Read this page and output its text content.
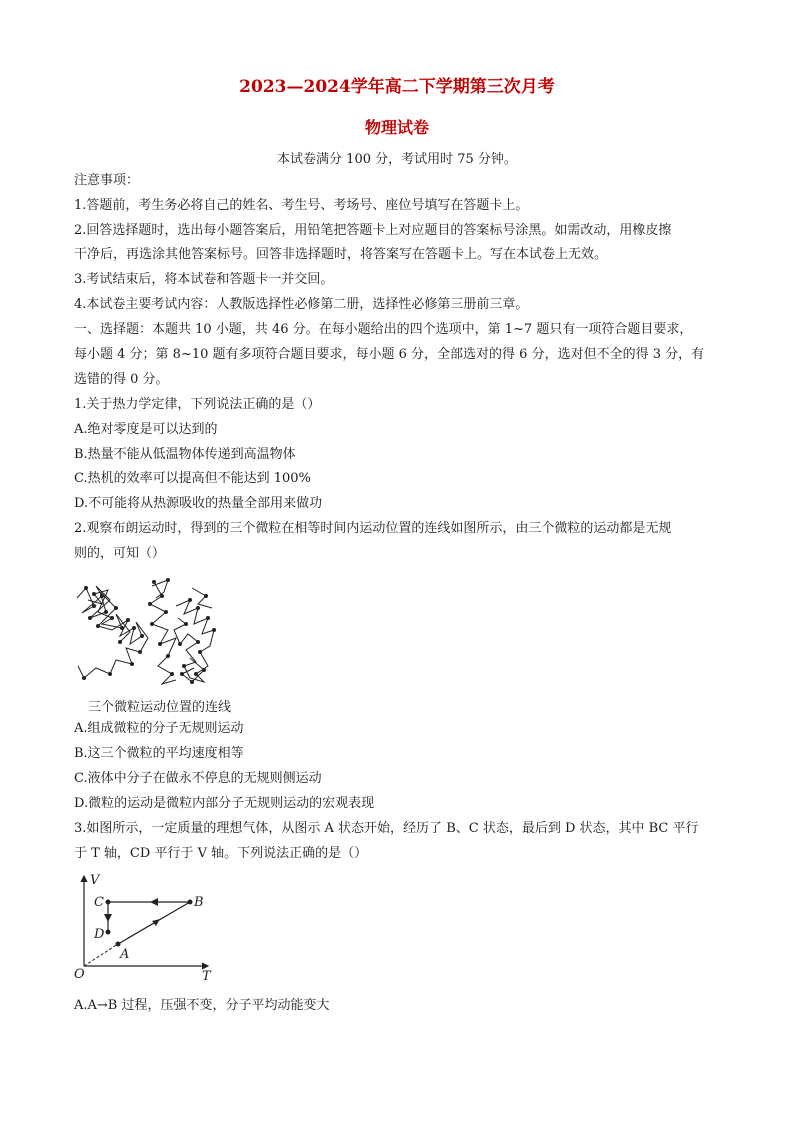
2023—2024学年高二下学期第三次月考
物理试卷
本试卷满分 100 分，考试用时 75 分钟。
注意事项：
1.答题前，考生务必将自己的姓名、考生号、考场号、座位号填写在答题卡上。
2.回答选择题时，选出每小题答案后，用铅笔把答题卡上对应题目的答案标号涂黑。如需改动，用橡皮擦
干净后，再选涂其他答案标号。回答非选择题时，将答案写在答题卡上。写在本试卷上无效。
3.考试结束后，将本试卷和答题卡一并交回。
4.本试卷主要考试内容：人教版选择性必修第二册，选择性必修第三册前三章。
一、选择题：本题共 10 小题，共 46 分。在每小题给出的四个选项中，第 1~7 题只有一项符合题目要求，
每小题 4 分；第 8~10 题有多项符合题目要求，每小题 6 分，全部选对的得 6 分，选对但不全的得 3 分，有
选错的得 0 分。
1.关于热力学定律，下列说法正确的是（）
A.绝对零度是可以达到的
B.热量不能从低温物体传递到高温物体
C.热机的效率可以提高但不能达到 100%
D.不可能将从热源吸收的热量全部用来做功
2.观察布朗运动时，得到的三个微粒在相等时间内运动位置的连线如图所示，由三个微粒的运动都是无规
则的，可知（）
三个微粒运动位置的连线
A.组成微粒的分子无规则运动
B.这三个微粒的平均速度相等
C.液体中分子在做永不停息的无规则侧运动
D.微粒的运动是微粒内部分子无规则运动的宏观表现
3.如图所示，一定质量的理想气体，从图示 A 状态开始，经历了 B、C 状态，最后到 D 状态，其中 BC 平行
于 T 轴，CD 平行于 V 轴。下列说法正确的是（）
V
T
O
A
B
C
D
A.A→B 过程，压强不变，分子平均动能变大
